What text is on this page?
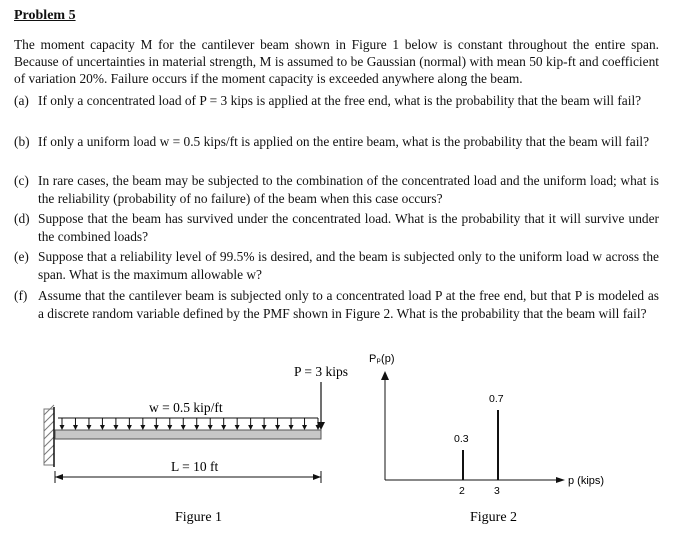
Problem 5
The moment capacity M for the cantilever beam shown in Figure 1 below is constant throughout the entire span. Because of uncertainties in material strength, M is assumed to be Gaussian (normal) with mean 50 kip-ft and coefficient of variation 20%. Failure occurs if the moment capacity is exceeded anywhere along the beam.
(a) If only a concentrated load of P = 3 kips is applied at the free end, what is the probability that the beam will fail?
(b) If only a uniform load w = 0.5 kips/ft is applied on the entire beam, what is the probability that the beam will fail?
(c) In rare cases, the beam may be subjected to the combination of the concentrated load and the uniform load; what is the reliability (probability of no failure) of the beam when this case occurs?
(d) Suppose that the beam has survived under the concentrated load. What is the probability that it will survive under the combined loads?
(e) Suppose that a reliability level of 99.5% is desired, and the beam is subjected only to the uniform load w across the span. What is the maximum allowable w?
(f) Assume that the cantilever beam is subjected only to a concentrated load P at the free end, but that P is modeled as a discrete random variable defined by the PMF shown in Figure 2. What is the probability that the beam will fail?
P = 3 kips
w = 0.5 kip/ft
L = 10 ft
Figure 1
Pₚ(p)
p (kips)
0.3
2
0.7
3
Figure 2
